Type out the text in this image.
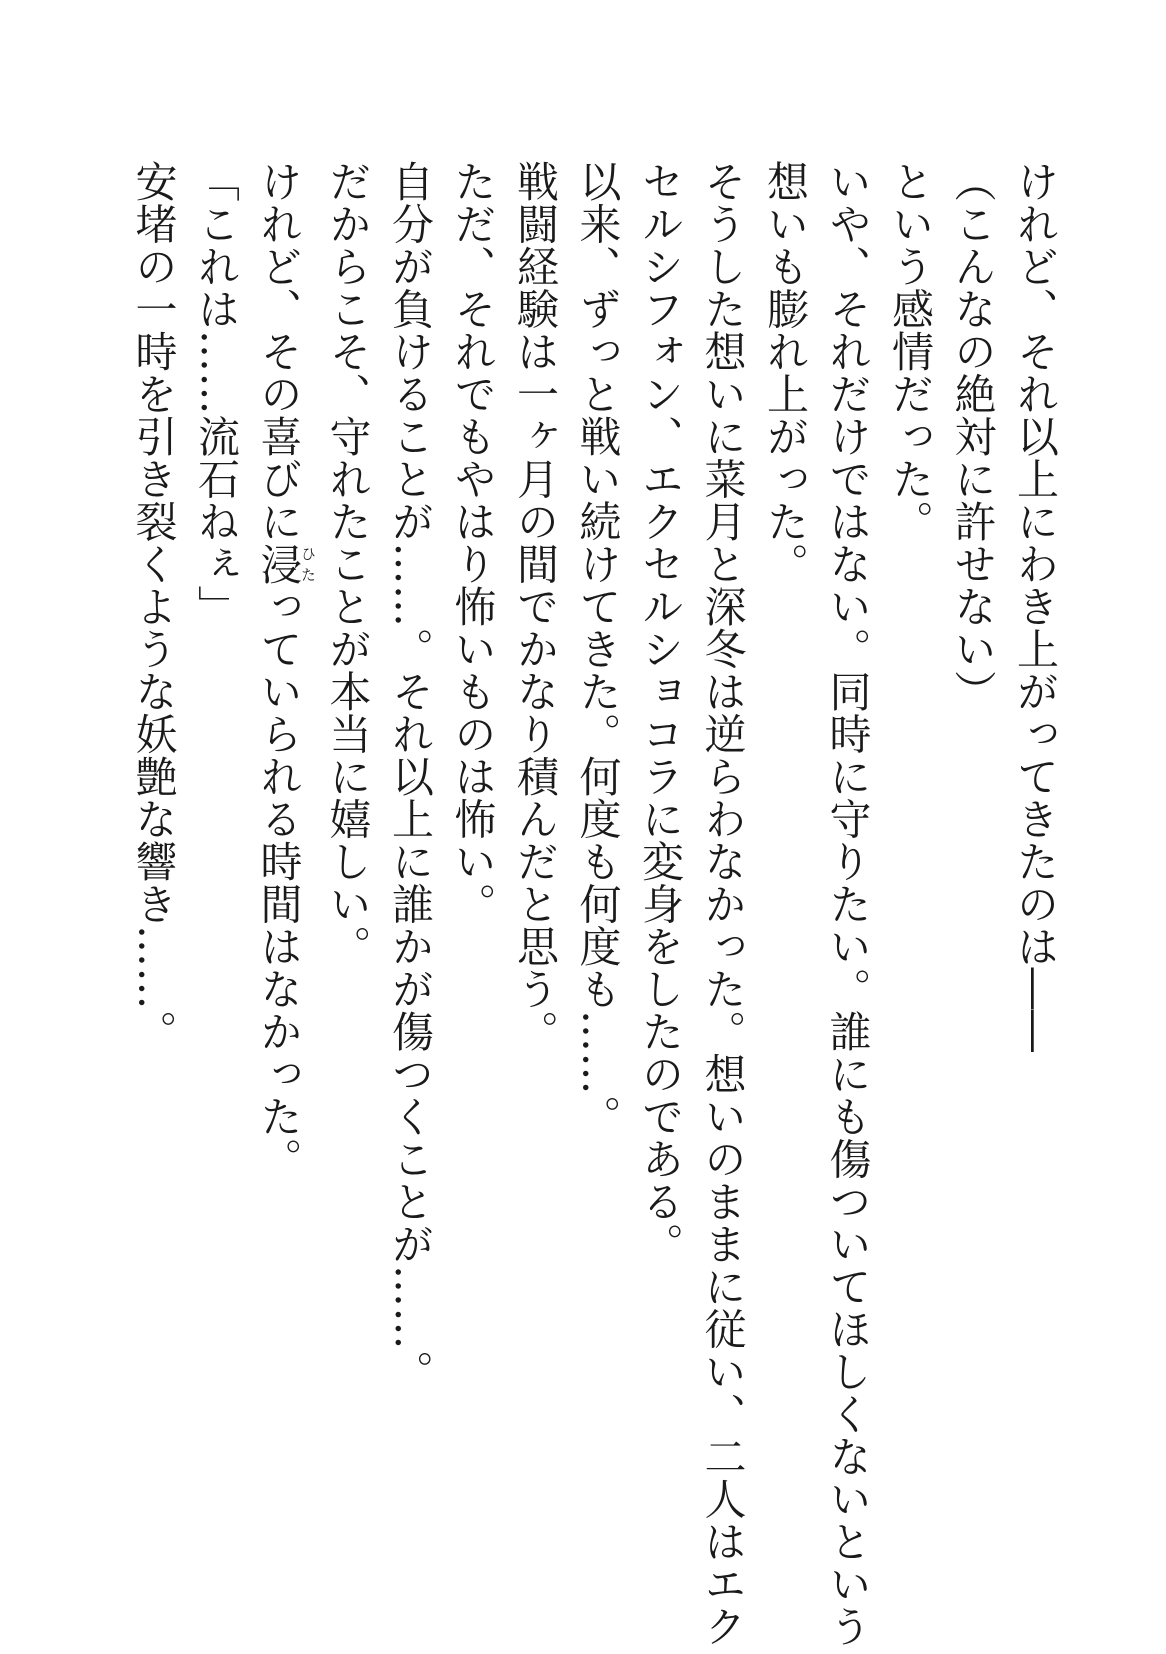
けれど、それ以上にわき上がってきたのは――
（こんなの絶対に許せない）
という感情だった。
いや、それだけではない。同時に守りたい。誰にも傷ついてほしくないという
想いも膨れ上がった。
そうした想いに菜月と深冬は逆らわなかった。想いのままに従い、二人はエク
セルシフォン、エクセルショコラに変身をしたのである。
以来、ずっと戦い続けてきた。何度も何度も……。
戦闘経験は一ヶ月の間でかなり積んだと思う。
ただ、それでもやはり怖いものは怖い。
自分が負けることが……。それ以上に誰かが傷つくことが……。
だからこそ、守れたことが本当に嬉しい。
けれど、その喜びに浸ひたっていられる時間はなかった。
「これは……流石ねぇ」
安堵の一時を引き裂くような妖艶な響き……。
